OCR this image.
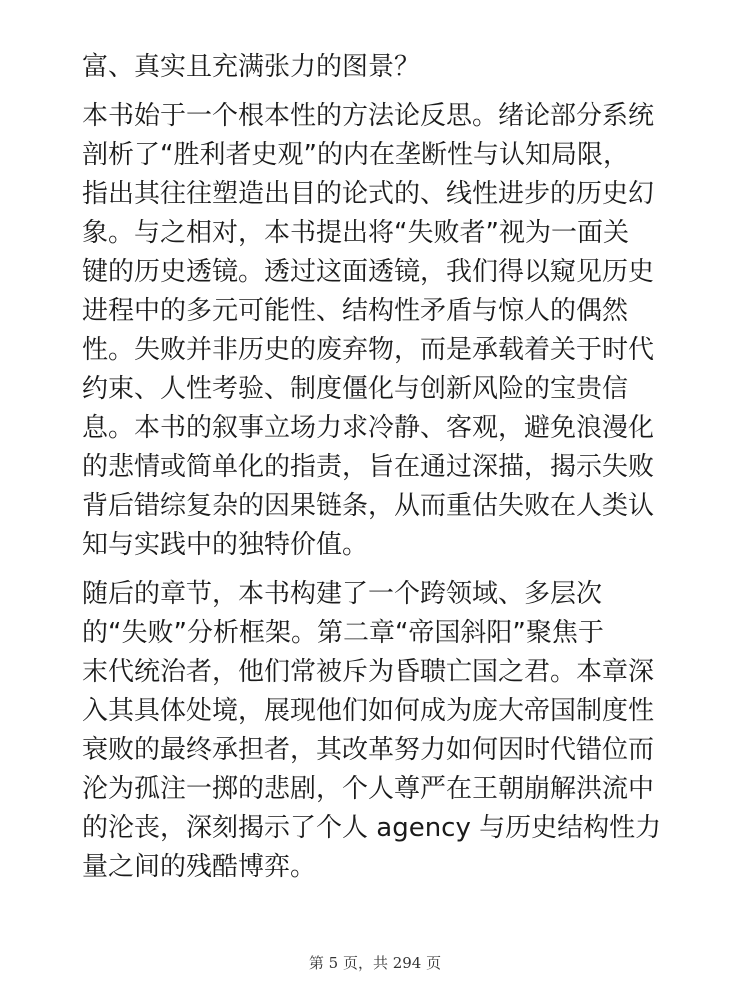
富、真实且充满张力的图景？
本书始于一个根本性的方法论反思。绪论部分系统
剖析了“胜利者史观”的内在垄断性与认知局限，
指出其往往塑造出目的论式的、线性进步的历史幻
象。与之相对，本书提出将“失败者”视为一面关
键的历史透镜。透过这面透镜，我们得以窥见历史
进程中的多元可能性、结构性矛盾与惊人的偶然
性。失败并非历史的废弃物，而是承载着关于时代
约束、人性考验、制度僵化与创新风险的宝贵信
息。本书的叙事立场力求冷静、客观，避免浪漫化
的悲情或简单化的指责，旨在通过深描，揭示失败
背后错综复杂的因果链条，从而重估失败在人类认
知与实践中的独特价值。
随后的章节，本书构建了一个跨领域、多层次
的“失败”分析框架。第二章“帝国斜阳”聚焦于
末代统治者，他们常被斥为昏聩亡国之君。本章深
入其具体处境，展现他们如何成为庞大帝国制度性
衰败的最终承担者，其改革努力如何因时代错位而
沦为孤注一掷的悲剧，个人尊严在王朝崩解洪流中
的沦丧，深刻揭示了个人 agency 与历史结构性力
量之间的残酷博弈。
第 5 页，共 294 页
